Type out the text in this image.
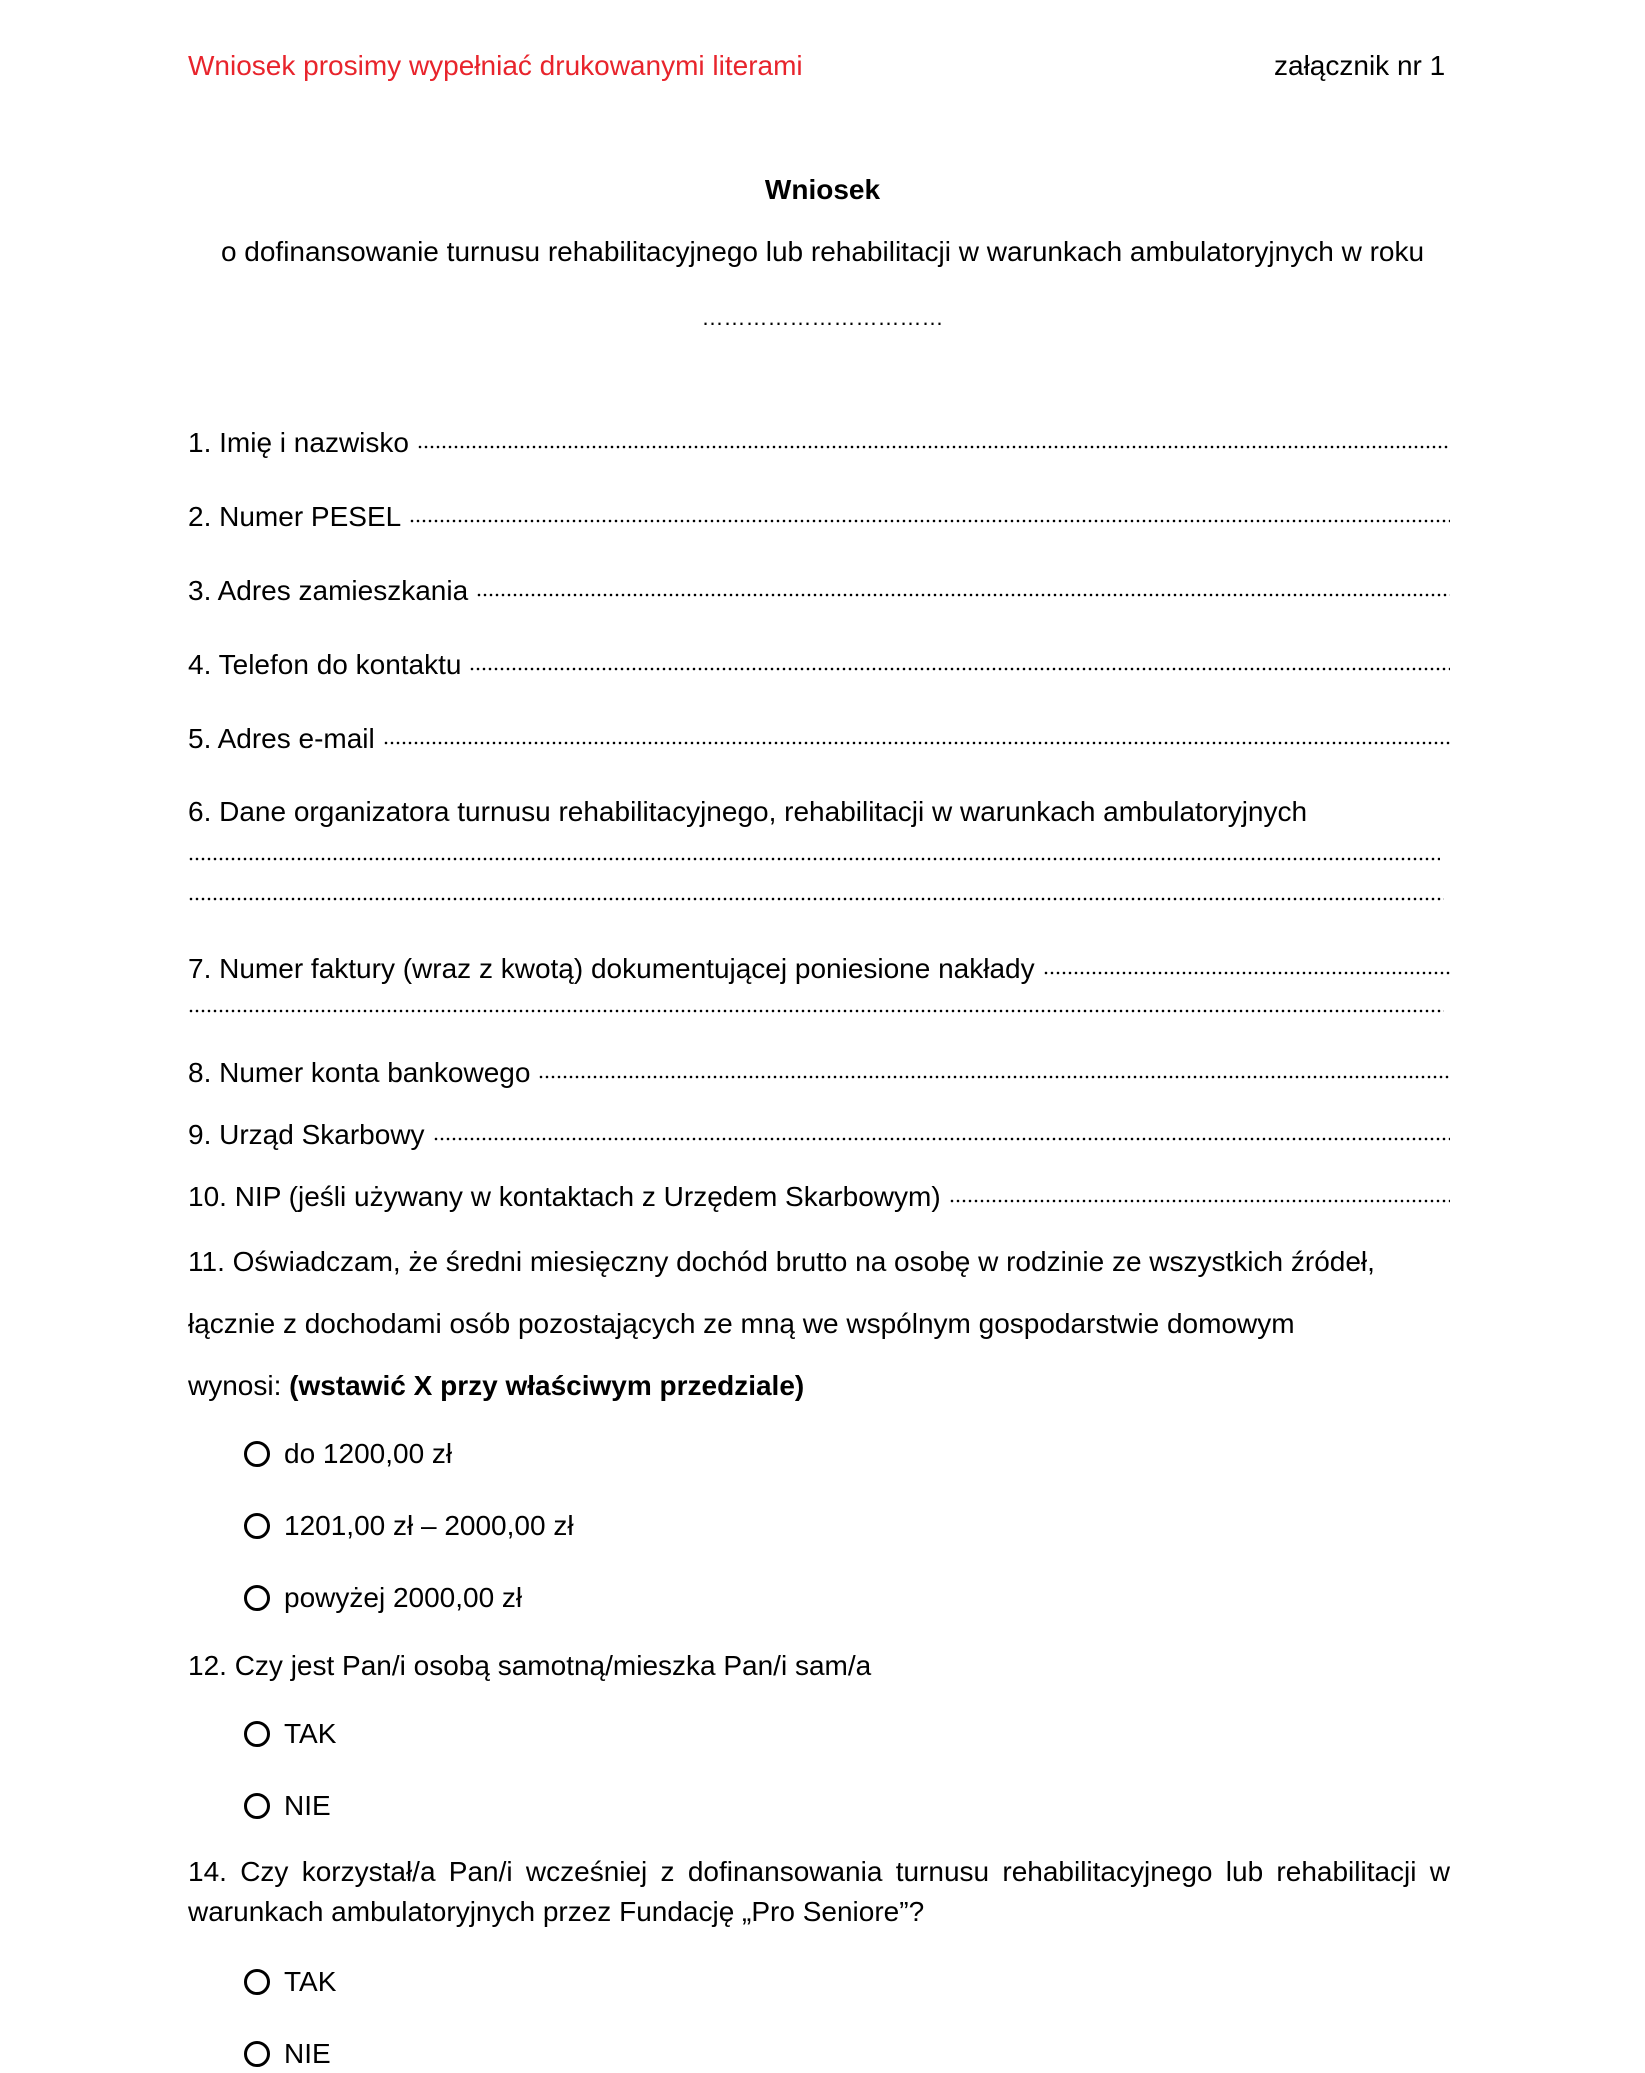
Wniosek prosimy wypełniać drukowanymi literami	załącznik nr 1
Wniosek
o dofinansowanie turnusu rehabilitacyjnego lub rehabilitacji w warunkach ambulatoryjnych w roku
……………………………
1. Imię i nazwisko
2. Numer PESEL
3. Adres zamieszkania
4. Telefon do kontaktu
5. Adres e-mail
6. Dane organizatora turnusu rehabilitacyjnego, rehabilitacji w warunkach ambulatoryjnych
7. Numer faktury (wraz z kwotą) dokumentującej poniesione nakłady
8. Numer konta bankowego
9. Urząd Skarbowy
10. NIP (jeśli używany w kontaktach z Urzędem Skarbowym)
11. Oświadczam, że średni miesięczny dochód brutto na osobę w rodzinie ze wszystkich źródeł,
łącznie z dochodami osób pozostających ze mną we wspólnym gospodarstwie domowym
wynosi: (wstawić X przy właściwym przedziale)
do 1200,00 zł
1201,00 zł – 2000,00 zł
powyżej 2000,00 zł
12. Czy jest Pan/i osobą samotną/mieszka Pan/i sam/a
TAK
NIE
14. Czy korzystał/a Pan/i wcześniej z dofinansowania turnusu rehabilitacyjnego lub rehabilitacji w warunkach ambulatoryjnych przez Fundację „Pro Seniore”?
TAK
NIE
